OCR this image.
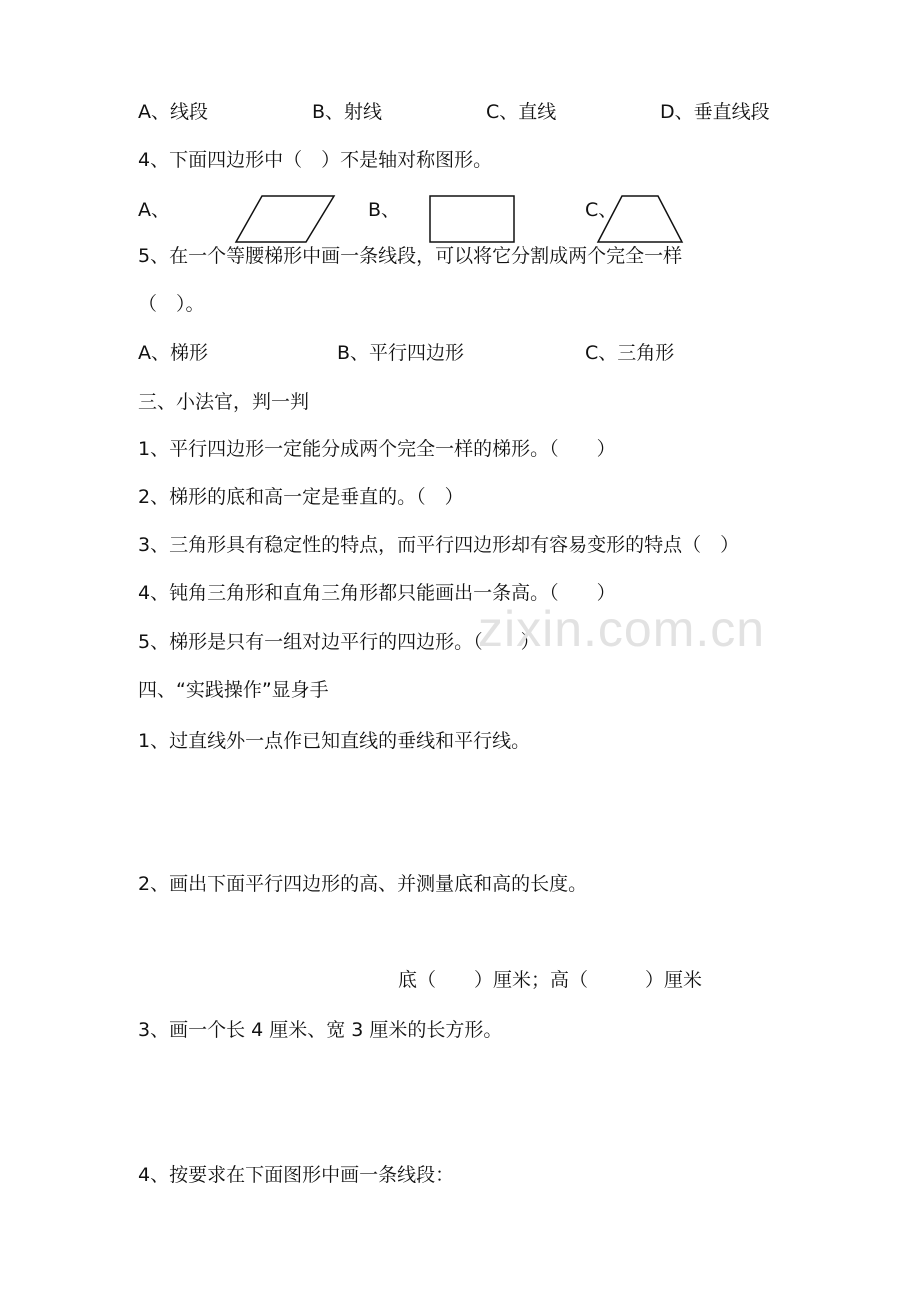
A、线段	B、射线	C、直线	D、垂直线段
4、下面四边形中（　）不是轴对称图形。
A、	B、	C、
5、在一个等腰梯形中画一条线段，可以将它分割成两个完全一样
（　）。
A、梯形	B、平行四边形	C、三角形
三、小法官，判一判
1、平行四边形一定能分成两个完全一样的梯形。（　　）
2、梯形的底和高一定是垂直的。（　）
3、三角形具有稳定性的特点，而平行四边形却有容易变形的特点（　）
4、钝角三角形和直角三角形都只能画出一条高。（　　）
5、梯形是只有一组对边平行的四边形。（　　）
zixin.com.cn
四、“实践操作”显身手
1、过直线外一点作已知直线的垂线和平行线。
2、画出下面平行四边形的高、并测量底和高的长度。
底（　　）厘米；高（　　　）厘米
3、画一个长 4 厘米、宽 3 厘米的长方形。
4、按要求在下面图形中画一条线段：
